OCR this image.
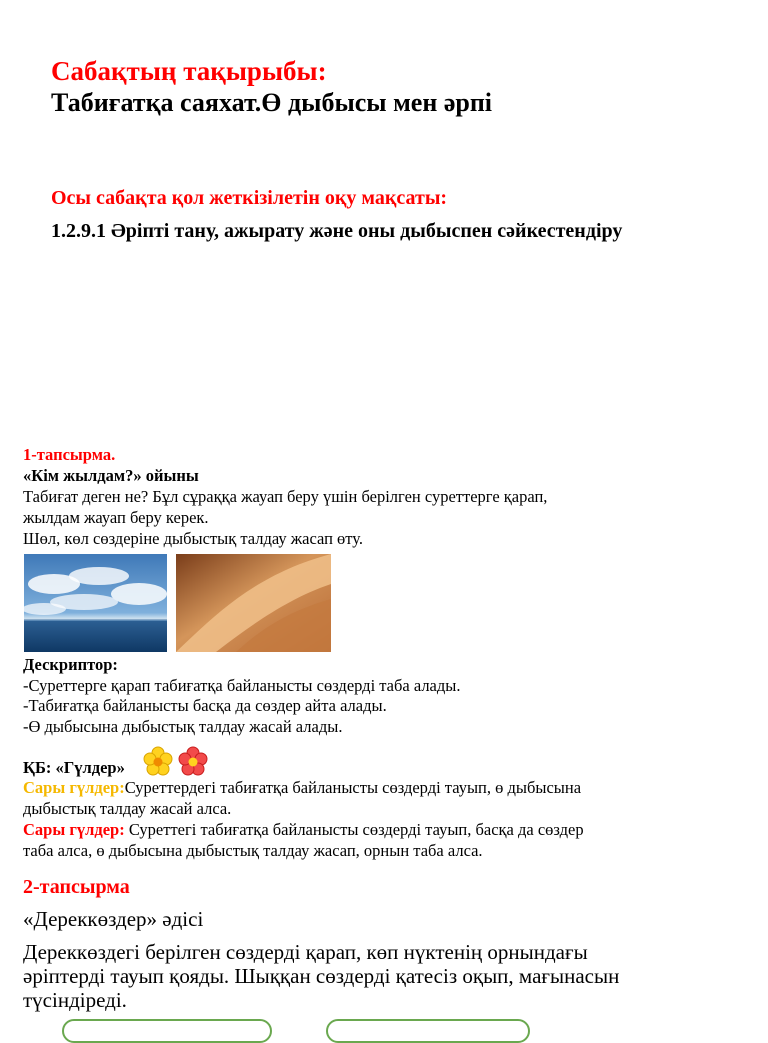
Сабақтың тақырыбы:
Табиғатқа саяхат.Ө дыбысы мен әрпі
Осы сабақта қол жеткізілетін оқу мақсаты:
1.2.9.1 Әріпті тану, ажырату және оны дыбыспен сәйкестендіру
1-тапсырма.
«Кім жылдам?» ойыны
Табиғат деген не? Бұл сұраққа жауап беру үшін берілген суреттерге қарап,
жылдам жауап беру керек.
Шөл, көл сөздеріне дыбыстық талдау жасап өту.
Дескриптор:
-Суреттерге қарап табиғатқа байланысты сөздерді таба алады.
-Табиғатқа байланысты басқа да сөздер айта алады.
-Ө дыбысына дыбыстық талдау жасай алады.
ҚБ: «Гүлдер»
Сары гүлдер:Суреттердегі табиғатқа байланысты сөздерді тауып, ө дыбысына
дыбыстық талдау жасай алса.
Сары гүлдер: Суреттегі табиғатқа байланысты сөздерді тауып, басқа да сөздер
таба алса, ө дыбысына дыбыстық талдау жасап, орнын таба алса.
2-тапсырма
«Дереккөздер» әдісі
Дереккөздегі берілген сөздерді қарап, көп нүктенің орнындағы
әріптерді тауып қояды. Шыққан сөздерді қатесіз оқып, мағынасын
түсіндіреді.
